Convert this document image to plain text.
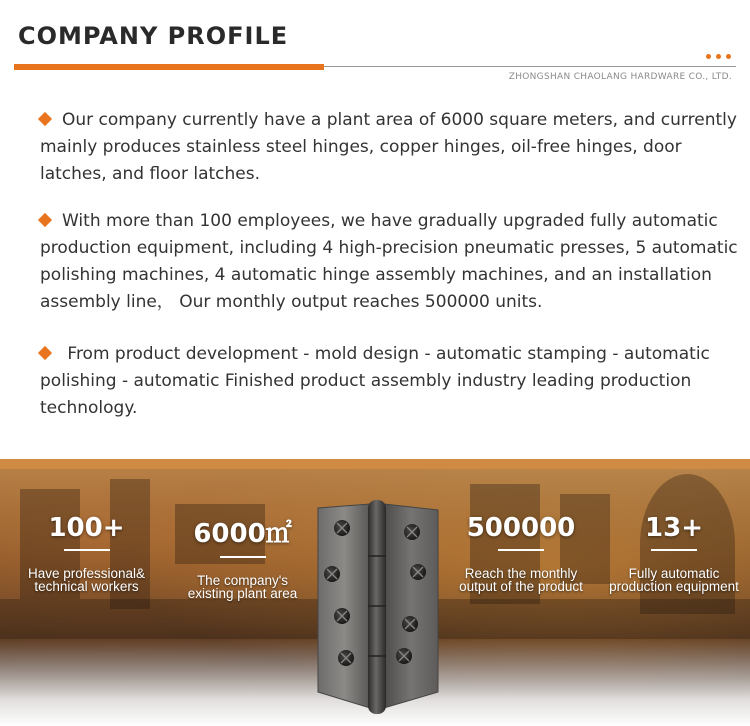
COMPANY PROFILE
ZHONGSHAN CHAOLANG HARDWARE CO., LTD.
Our company currently have a plant area of 6000 square meters, and currently mainly produces stainless steel hinges, copper hinges, oil-free hinges, door latches, and floor latches.
With more than 100 employees, we have gradually upgraded fully automatic production equipment, including 4 high-precision pneumatic presses, 5 automatic polishing machines, 4 automatic hinge assembly machines, and an installation assembly line， Our monthly output reaches 500000 units.
From product development - mold design - automatic stamping - automatic polishing - automatic Finished product assembly industry leading production technology.
100+
Have professional&
technical workers
6000㎡
The company's
existing plant area
500000
Reach the monthly
output of the product
13+
Fully automatic
production equipment
